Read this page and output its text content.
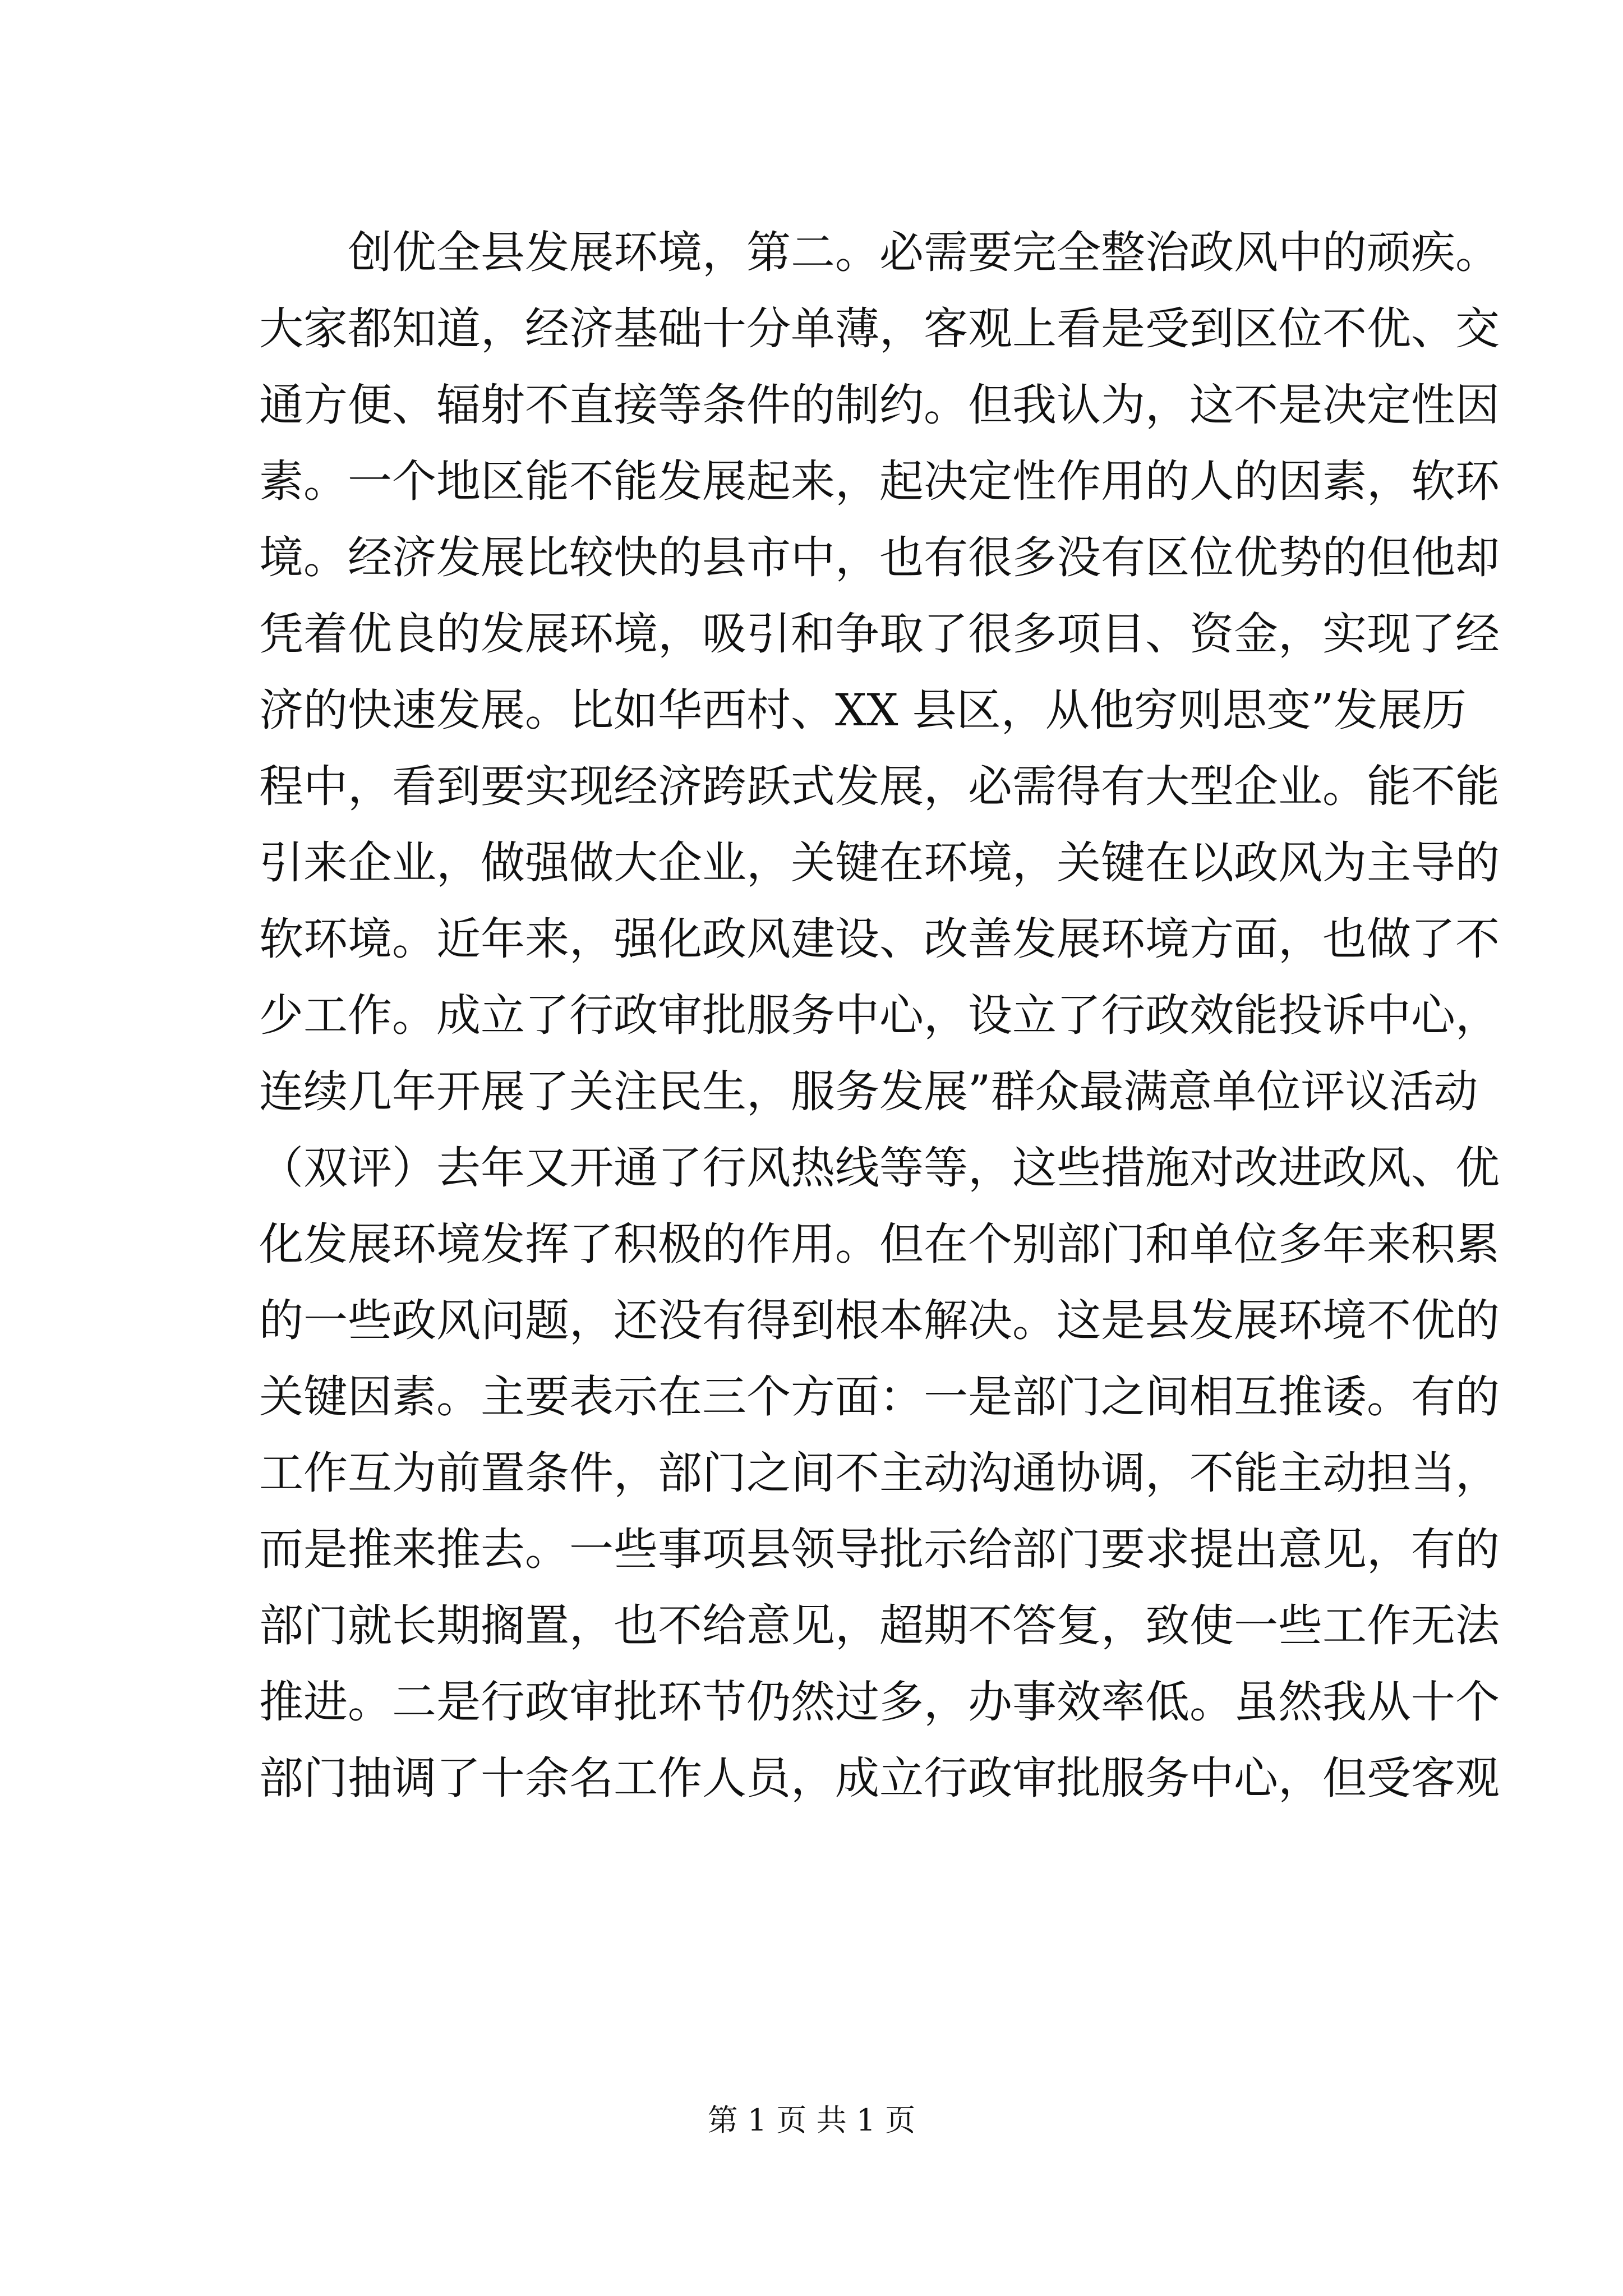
创优全县发展环境，第二。必需要完全整治政风中的顽疾。
大家都知道，经济基础十分单薄，客观上看是受到区位不优、交
通方便、辐射不直接等条件的制约。但我认为，这不是决定性因
素。一个地区能不能发展起来，起决定性作用的人的因素，软环
境。经济发展比较快的县市中，也有很多没有区位优势的但他却
凭着优良的发展环境，吸引和争取了很多项目、资金，实现了经
济的快速发展。比如华西村、XX 县区，从他穷则思变”发展历
程中，看到要实现经济跨跃式发展，必需得有大型企业。能不能
引来企业，做强做大企业，关键在环境，关键在以政风为主导的
软环境。近年来，强化政风建设、改善发展环境方面，也做了不
少工作。成立了行政审批服务中心，设立了行政效能投诉中心，
连续几年开展了关注民生，服务发展”群众最满意单位评议活动
（双评）去年又开通了行风热线等等，这些措施对改进政风、优
化发展环境发挥了积极的作用。但在个别部门和单位多年来积累
的一些政风问题，还没有得到根本解决。这是县发展环境不优的
关键因素。主要表示在三个方面：一是部门之间相互推诿。有的
工作互为前置条件，部门之间不主动沟通协调，不能主动担当，
而是推来推去。一些事项县领导批示给部门要求提出意见，有的
部门就长期搁置，也不给意见，超期不答复，致使一些工作无法
推进。二是行政审批环节仍然过多，办事效率低。虽然我从十个
部门抽调了十余名工作人员，成立行政审批服务中心，但受客观
第 1 页 共 1 页
